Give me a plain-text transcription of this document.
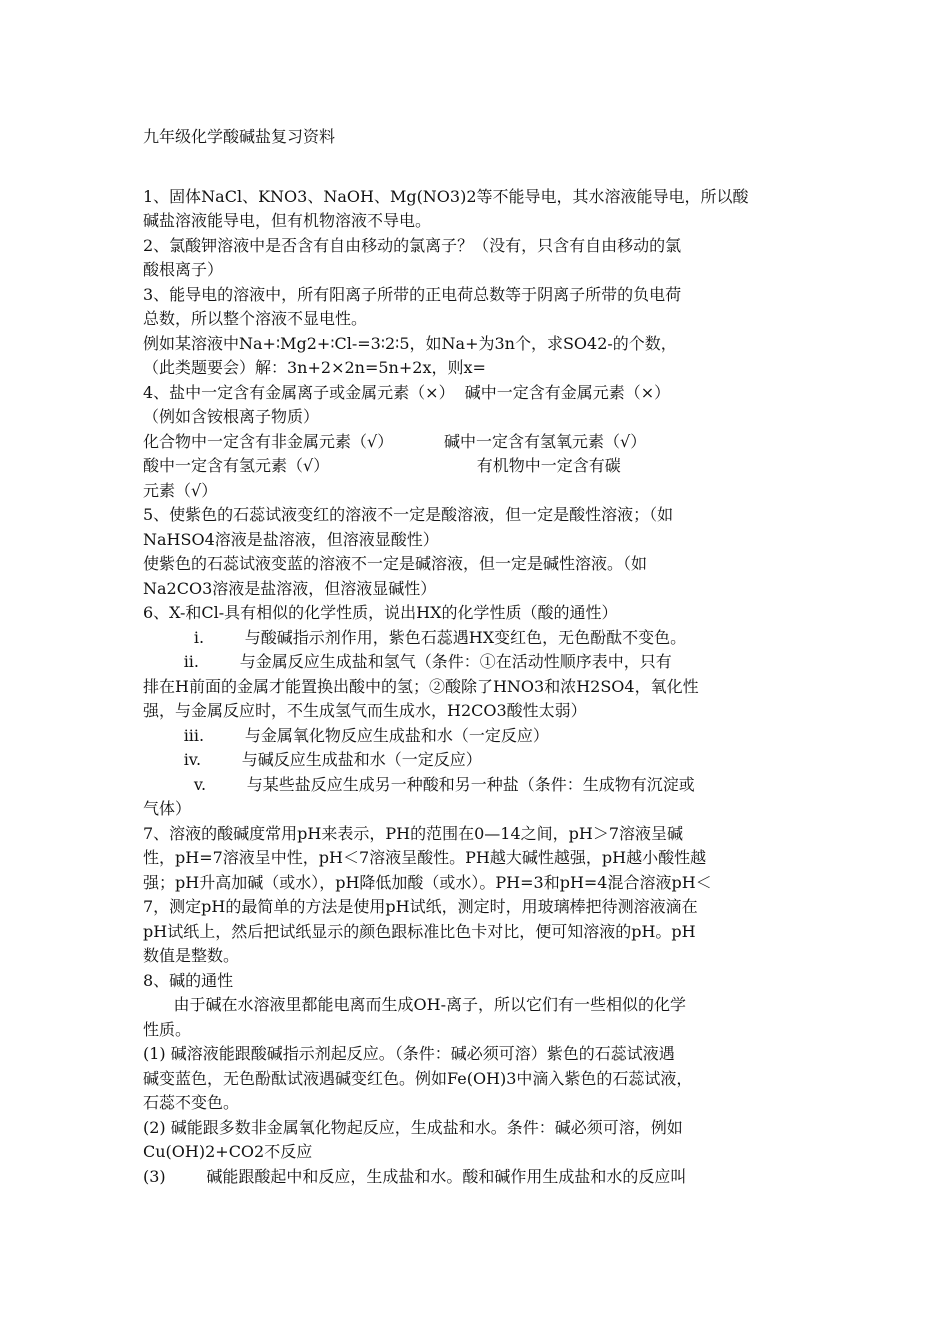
九年级化学酸碱盐复习资料
1、固体NaCl、KNO3、NaOH、Mg(NO3)2等不能导电，其水溶液能导电，所以酸
碱盐溶液能导电，但有机物溶液不导电。
2、氯酸钾溶液中是否含有自由移动的氯离子？（没有，只含有自由移动的氯
酸根离子）
3、能导电的溶液中，所有阳离子所带的正电荷总数等于阴离子所带的负电荷
总数，所以整个溶液不显电性。
例如某溶液中Na+∶Mg2+∶Cl-=3∶2∶5，如Na+为3n个，求SO42-的个数，
（此类题要会）解：3n+2×2n=5n+2x，则x=
4、盐中一定含有金属离子或金属元素（×）  碱中一定含有金属元素（×）
（例如含铵根离子物质）
化合物中一定含有非金属元素（√）          碱中一定含有氢氧元素（√）
酸中一定含有氢元素（√）                             有机物中一定含有碳
元素（√）
5、使紫色的石蕊试液变红的溶液不一定是酸溶液，但一定是酸性溶液；（如
NaHSO4溶液是盐溶液，但溶液显酸性）
使紫色的石蕊试液变蓝的溶液不一定是碱溶液，但一定是碱性溶液。（如
Na2CO3溶液是盐溶液，但溶液显碱性）
6、X-和Cl-具有相似的化学性质，说出HX的化学性质（酸的通性）
i.        与酸碱指示剂作用，紫色石蕊遇HX变红色，无色酚酞不变色。
ii.        与金属反应生成盐和氢气（条件：①在活动性顺序表中，只有
排在H前面的金属才能置换出酸中的氢；②酸除了HNO3和浓H2SO4，氧化性
强，与金属反应时，不生成氢气而生成水，H2CO3酸性太弱）
iii.        与金属氧化物反应生成盐和水（一定反应）
iv.        与碱反应生成盐和水（一定反应）
v.        与某些盐反应生成另一种酸和另一种盐（条件：生成物有沉淀或
气体）
7、溶液的酸碱度常用pH来表示，PH的范围在0—14之间，pH＞7溶液呈碱
性，pH=7溶液呈中性，pH＜7溶液呈酸性。PH越大碱性越强，pH越小酸性越
强；pH升高加碱（或水），pH降低加酸（或水）。PH=3和pH=4混合溶液pH＜
7，测定pH的最简单的方法是使用pH试纸，测定时，用玻璃棒把待测溶液滴在
pH试纸上，然后把试纸显示的颜色跟标准比色卡对比，便可知溶液的pH。pH
数值是整数。
8、碱的通性
由于碱在水溶液里都能电离而生成OH-离子，所以它们有一些相似的化学
性质。
(1) 碱溶液能跟酸碱指示剂起反应。（条件：碱必须可溶）紫色的石蕊试液遇
碱变蓝色，无色酚酞试液遇碱变红色。例如Fe(OH)3中滴入紫色的石蕊试液，
石蕊不变色。
(2) 碱能跟多数非金属氧化物起反应，生成盐和水。条件：碱必须可溶，例如
Cu(OH)2+CO2不反应
(3)        碱能跟酸起中和反应，生成盐和水。酸和碱作用生成盐和水的反应叫
